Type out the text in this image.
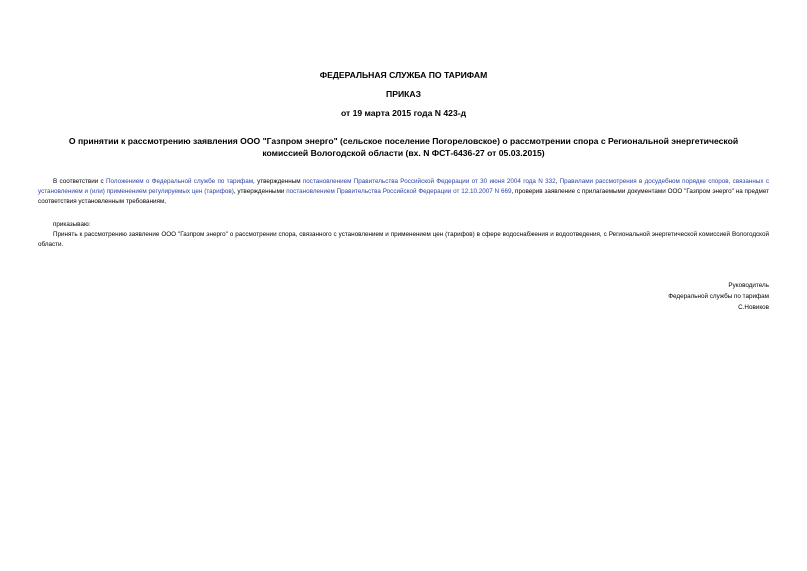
ФЕДЕРАЛЬНАЯ СЛУЖБА ПО ТАРИФАМ
ПРИКАЗ
от 19 марта 2015 года N 423-д
О принятии к рассмотрению заявления ООО "Газпром энерго" (сельское поселение Погореловское) о рассмотрении спора с Региональной энергетической
комиссией Вологодской области (вх. N ФСТ-6436-27 от 05.03.2015)
В соответствии с Положением о Федеральной службе по тарифам, утвержденным постановлением Правительства Российской Федерации от 30 июня 2004 года N 332, Правилами рассмотрения в досудебном порядке споров, связанных с установлением и (или) применением регулируемых цен (тарифов), утвержденными постановлением Правительства Российской Федерации от 12.10.2007 N 669, проверив заявление с прилагаемыми документами ООО "Газпром энерго" на предмет соответствия установленным требованиям,
приказываю:
Принять к рассмотрению заявление ООО "Газпром энерго" о рассмотрении спора, связанного с установлением и применением цен (тарифов) в сфере водоснабжения и водоотведения, с Региональной энергетической комиссией Вологодской области.
Руководитель
Федеральной службы по тарифам
С.Новиков
